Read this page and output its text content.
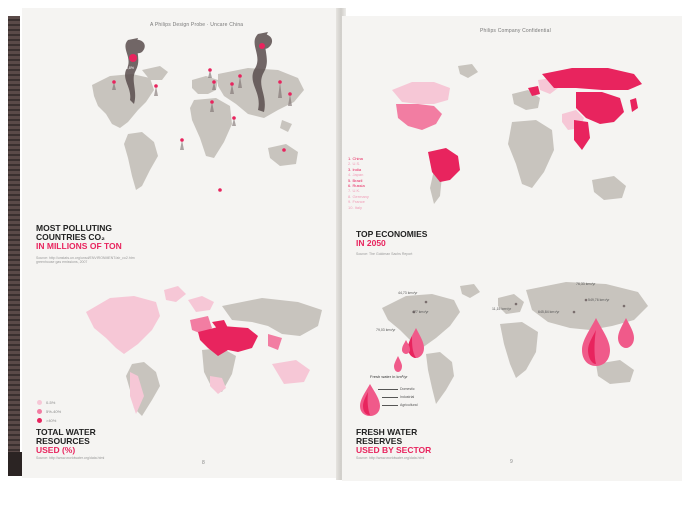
A Philips Design Probe · Uncare China
5,8%
MOST POLLUTING
COUNTRIES CO₂
IN MILLIONS OF TON
Source: http://unstats.un.org/unsd/ENVIRONMENT/air_co2.htm greenhouse gas emissions, 2007
0-5%
5%-40%
>40%
TOTAL WATER
RESOURCES
USED (%)
Source: http://www.worldwater.org/data.html
8
Philips Company Confidential
1. China
2. U.S.
3. India
4. Japan
5. Brazil
6. Russia
7. U.K.
8. Germany
9. France
10. Italy
TOP ECONOMIES
IN 2050
Source: The Goldman Sachs Report
44,73 km³/yr
477 km³/yr
11,15 km³/yr
76,33 km³/yr
79,03 km³/yr
645,84 km³/yr
549,76 km³/yr
Fresh water in km³/yr
Domestic
Industrial
Agricultural
FRESH WATER
RESERVES
USED BY SECTOR
Source: http://www.worldwater.org/data.html
9
